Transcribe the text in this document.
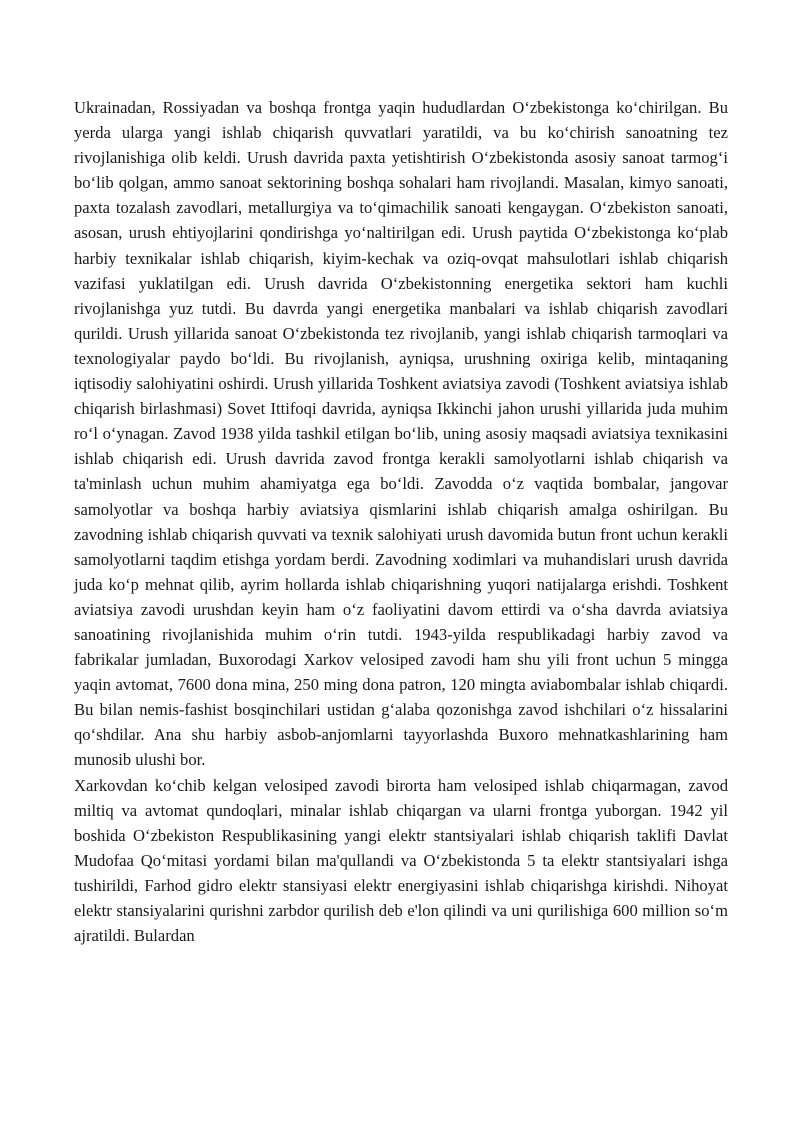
Ukrainadan, Rossiyadan va boshqa frontga yaqin hududlardan O‘zbekistonga ko‘chirilgan. Bu yerda ularga yangi ishlab chiqarish quvvatlari yaratildi, va bu ko‘chirish sanoatning tez rivojlanishiga olib keldi. Urush davrida paxta yetishtirish O‘zbekistonda asosiy sanoat tarmog‘i bo‘lib qolgan, ammo sanoat sektorining boshqa sohalari ham rivojlandi. Masalan, kimyo sanoati, paxta tozalash zavodlari, metallurgiya va to‘qimachilik sanoati kengaygan. O‘zbekiston sanoati, asosan, urush ehtiyojlarini qondirishga yo‘naltirilgan edi. Urush paytida O‘zbekistonga ko‘plab harbiy texnikalar ishlab chiqarish, kiyim-kechak va oziq-ovqat mahsulotlari ishlab chiqarish vazifasi yuklatilgan edi. Urush davrida O‘zbekistonning energetika sektori ham kuchli rivojlanishga yuz tutdi. Bu davrda yangi energetika manbalari va ishlab chiqarish zavodlari qurildi. Urush yillarida sanoat O‘zbekistonda tez rivojlanib, yangi ishlab chiqarish tarmoqlari va texnologiyalar paydo bo‘ldi. Bu rivojlanish, ayniqsa, urushning oxiriga kelib, mintaqaning iqtisodiy salohiyatini oshirdi. Urush yillarida Toshkent aviatsiya zavodi (Toshkent aviatsiya ishlab chiqarish birlashmasi) Sovet Ittifoqi davrida, ayniqsa Ikkinchi jahon urushi yillarida juda muhim ro‘l o‘ynagan. Zavod 1938 yilda tashkil etilgan bo‘lib, uning asosiy maqsadi aviatsiya texnikasini ishlab chiqarish edi. Urush davrida zavod frontga kerakli samolyotlarni ishlab chiqarish va ta'minlash uchun muhim ahamiyatga ega bo‘ldi. Zavodda o‘z vaqtida bombalar, jangovar samolyotlar va boshqa harbiy aviatsiya qismlarini ishlab chiqarish amalga oshirilgan. Bu zavodning ishlab chiqarish quvvati va texnik salohiyati urush davomida butun front uchun kerakli samolyotlarni taqdim etishga yordam berdi. Zavodning xodimlari va muhandislari urush davrida juda ko‘p mehnat qilib, ayrim hollarda ishlab chiqarishning yuqori natijalarga erishdi. Toshkent aviatsiya zavodi urushdan keyin ham o‘z faoliyatini davom ettirdi va o‘sha davrda aviatsiya sanoatining rivojlanishida muhim o‘rin tutdi. 1943-yilda respublikadagi harbiy zavod va fabrikalar jumladan, Buxorodagi Xarkov velosiped zavodi ham shu yili front uchun 5 mingga yaqin avtomat, 7600 dona mina, 250 ming dona patron, 120 mingta aviabombalar ishlab chiqardi. Bu bilan nemis-fashist bosqinchilari ustidan g‘alaba qozonishga zavod ishchilari o‘z hissalarini qo‘shdilar. Ana shu harbiy asbob-anjomlarni tayyorlashda Buxoro mehnatkashlarining ham munosib ulushi bor.

Xarkovdan ko‘chib kelgan velosiped zavodi birorta ham velosiped ishlab chiqarmagan, zavod miltiq va avtomat qundoqlari, minalar ishlab chiqargan va ularni frontga yuborgan. 1942 yil boshida O‘zbekiston Respublikasining yangi elektr stantsiyalari ishlab chiqarish taklifi Davlat Mudofaa Qo‘mitasi yordami bilan ma'qullandi va O‘zbekistonda 5 ta elektr stantsiyalari ishga tushirildi, Farhod gidro elektr stansiyasi elektr energiyasini ishlab chiqarishga kirishdi. Nihoyat elektr stansiyalarini qurishni zarbdor qurilish deb e'lon qilindi va uni qurilishiga 600 million so‘m ajratildi. Bulardan
